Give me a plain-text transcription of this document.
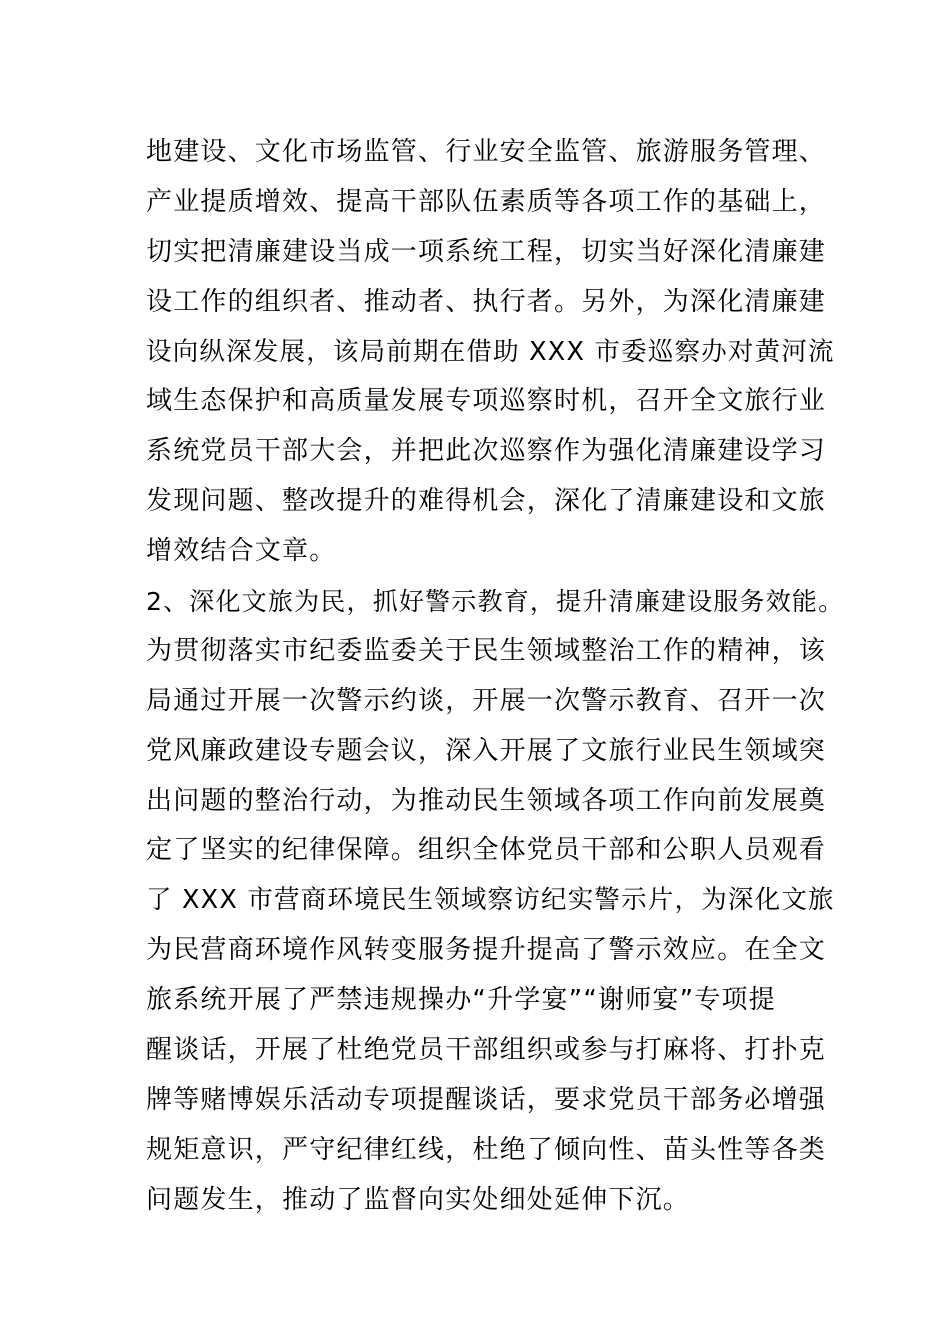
地建设、文化市场监管、行业安全监管、旅游服务管理、
产业提质增效、提高干部队伍素质等各项工作的基础上，
切实把清廉建设当成一项系统工程，切实当好深化清廉建
设工作的组织者、推动者、执行者。另外，为深化清廉建
设向纵深发展，该局前期在借助 XXX 市委巡察办对黄河流
域生态保护和高质量发展专项巡察时机，召开全文旅行业
系统党员干部大会，并把此次巡察作为强化清廉建设学习
发现问题、整改提升的难得机会，深化了清廉建设和文旅
增效结合文章。
2、深化文旅为民，抓好警示教育，提升清廉建设服务效能。
为贯彻落实市纪委监委关于民生领域整治工作的精神，该
局通过开展一次警示约谈，开展一次警示教育、召开一次
党风廉政建设专题会议，深入开展了文旅行业民生领域突
出问题的整治行动，为推动民生领域各项工作向前发展奠
定了坚实的纪律保障。组织全体党员干部和公职人员观看
了 XXX 市营商环境民生领域察访纪实警示片，为深化文旅
为民营商环境作风转变服务提升提高了警示效应。在全文
旅系统开展了严禁违规操办“升学宴”“谢师宴”专项提
醒谈话，开展了杜绝党员干部组织或参与打麻将、打扑克
牌等赌博娱乐活动专项提醒谈话，要求党员干部务必增强
规矩意识，严守纪律红线，杜绝了倾向性、苗头性等各类
问题发生，推动了监督向实处细处延伸下沉。
